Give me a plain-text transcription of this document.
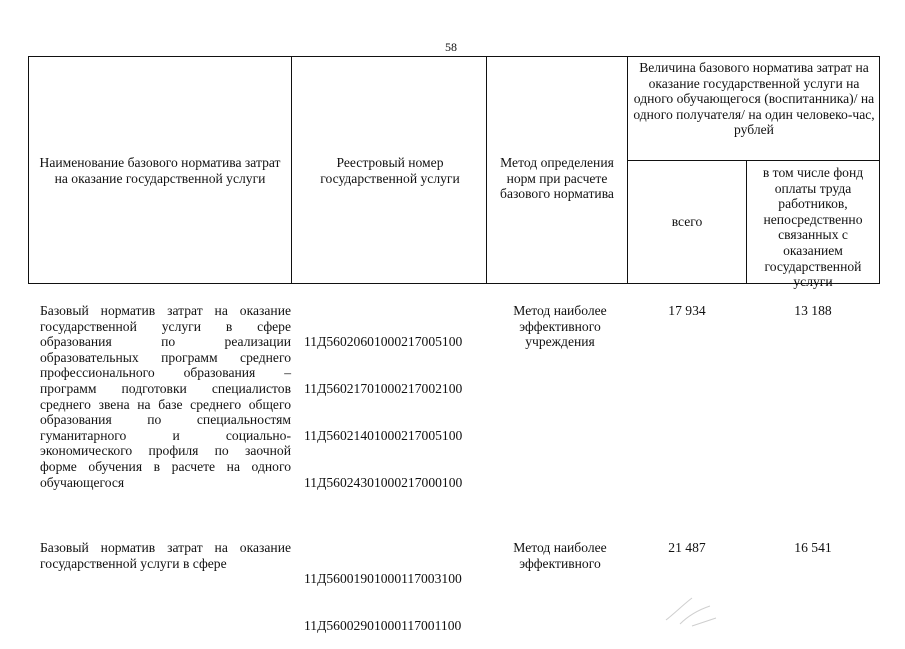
58
Наименование базового норматива затрат на оказание государственной услуги
Реестровый номер государственной услуги
Метод определения норм при расчете базового норматива
Величина базового норматива затрат на оказание государственной услуги на одного обучающегося (воспитанника)/ на одного получателя/ на один человеко-час, рублей
всего
в том числе фонд оплаты труда работников, непосредственно связанных с оказанием государственной услуги
Базовый норматив затрат на оказание государственной услуги в сфере образования по реализации образовательных программ среднего профессионального образования – программ подготовки специалистов среднего звена на базе среднего общего образования по специальностям гуманитарного и социально-экономического профиля по заочной форме обучения в расчете на одного обучающегося

11Д56020601000217005100

11Д56021701000217002100

11Д56021401000217005100

11Д56024301000217000100

Метод наиболее эффективного учреждения
17 934	13 188
Базовый норматив затрат на оказание государственной услуги в сфере

11Д56001901000117003100

11Д56002901000117001100

Метод наиболее эффективного
21 487	16 541
